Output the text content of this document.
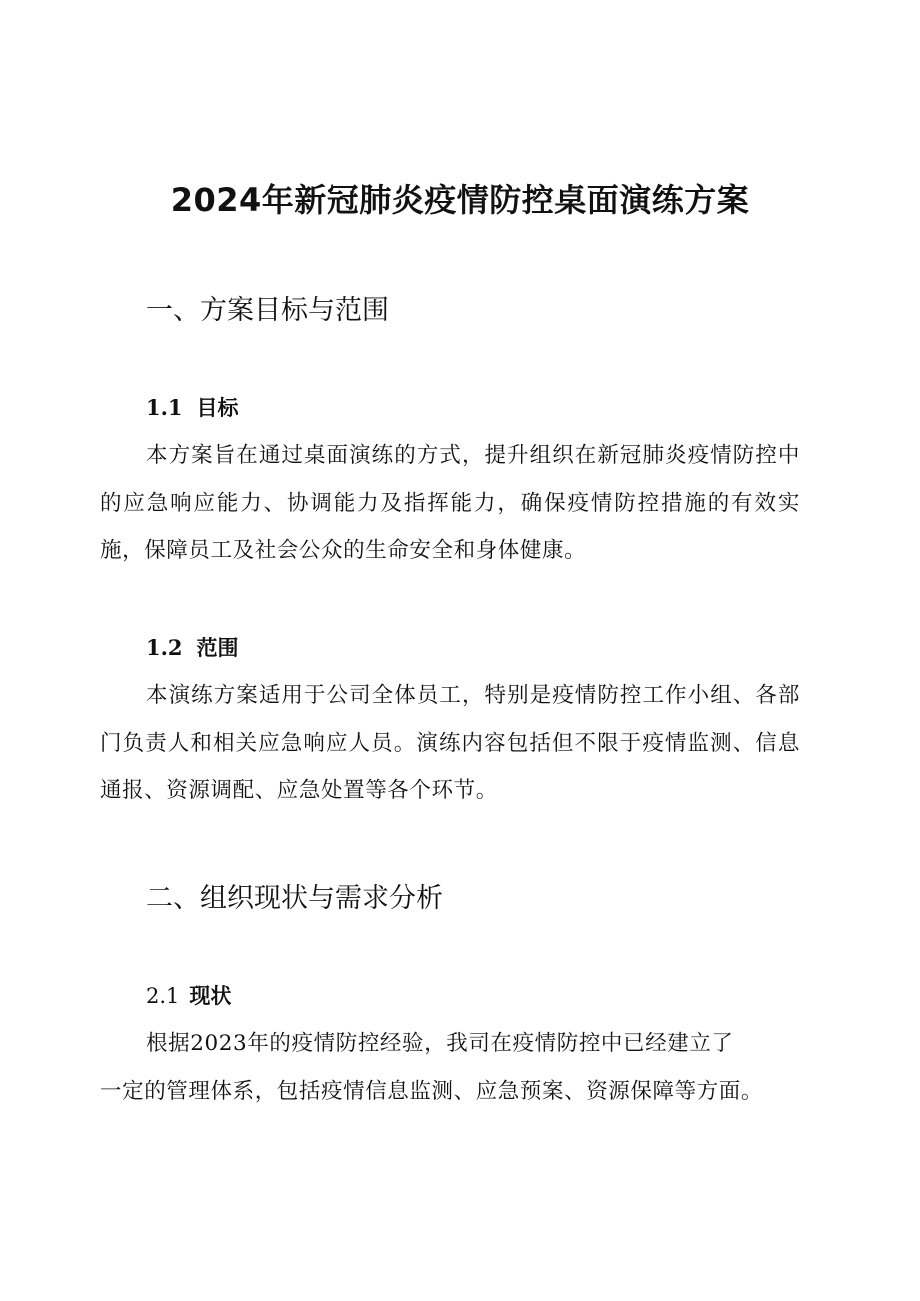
2024年新冠肺炎疫情防控桌面演练方案
一、方案目标与范围
1.1 目标

本方案旨在通过桌面演练的方式，提升组织在新冠肺炎疫情防控中的应急响应能力、协调能力及指挥能力，确保疫情防控措施的有效实施，保障员工及社会公众的生命安全和身体健康。

1.2 范围

本演练方案适用于公司全体员工，特别是疫情防控工作小组、各部门负责人和相关应急响应人员。演练内容包括但不限于疫情监测、信息通报、资源调配、应急处置等各个环节。

二、组织现状与需求分析
2.1 现状
根据2023年的疫情防控经验，我司在疫情防控中已经建立了
一定的管理体系，包括疫情信息监测、应急预案、资源保障等方面。
